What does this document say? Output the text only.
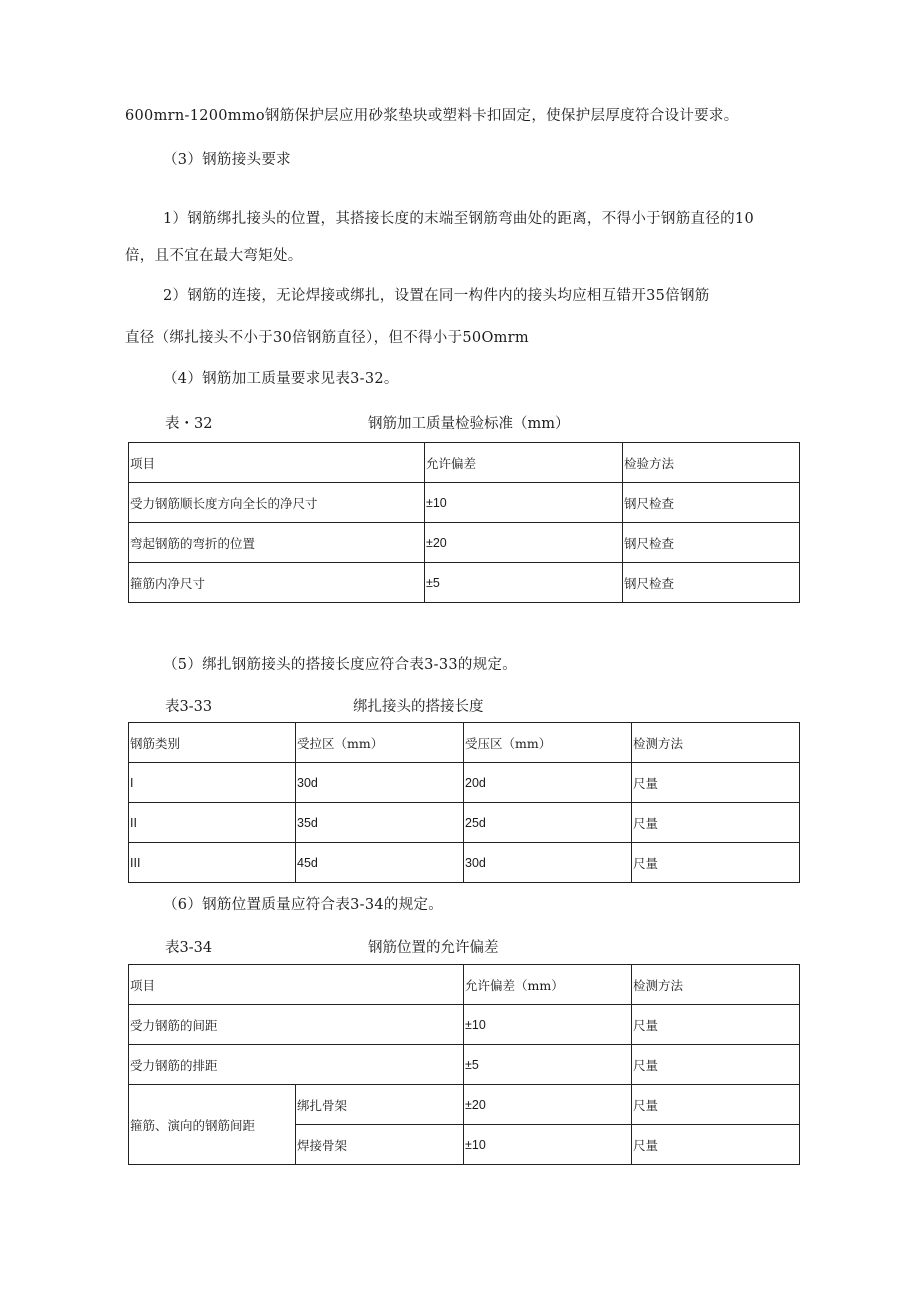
600mrn-1200mmo钢筋保护层应用砂浆垫块或塑料卡扣固定，使保护层厚度符合设计要求。
（3）钢筋接头要求
1）钢筋绑扎接头的位置，其搭接长度的末端至钢筋弯曲处的距离，不得小于钢筋直径的10
倍，且不宜在最大弯矩处。
2）钢筋的连接，无论焊接或绑扎，设置在同一构件内的接头均应相互错开35倍钢筋
直径（绑扎接头不小于30倍钢筋直径），但不得小于50Omrm
（4）钢筋加工质量要求见表3-32。
表・32	钢筋加工质量检验标准（mm）
项目	允许偏差	检验方法
受力钢筋顺长度方向全长的净尺寸	±10	钢尺检查
弯起钢筋的弯折的位置	±20	钢尺检查
箍筋内净尺寸	±5	钢尺检查
（5）绑扎钢筋接头的搭接长度应符合表3-33的规定。
表3-33	绑扎接头的搭接长度
钢筋类别	受拉区（mm）	受压区（mm）	检测方法
I	30d	20d	尺量
II	35d	25d	尺量
III	45d	30d	尺量
（6）钢筋位置质量应符合表3-34的规定。
表3-34	钢筋位置的允许偏差
项目		允许偏差（mm）	检测方法
受力钢筋的间距		±10	尺量
受力钢筋的排距		±5	尺量
箍筋、演向的钢筋间距	绑扎骨架	±20	尺量
	焊接骨架	±10	尺量
